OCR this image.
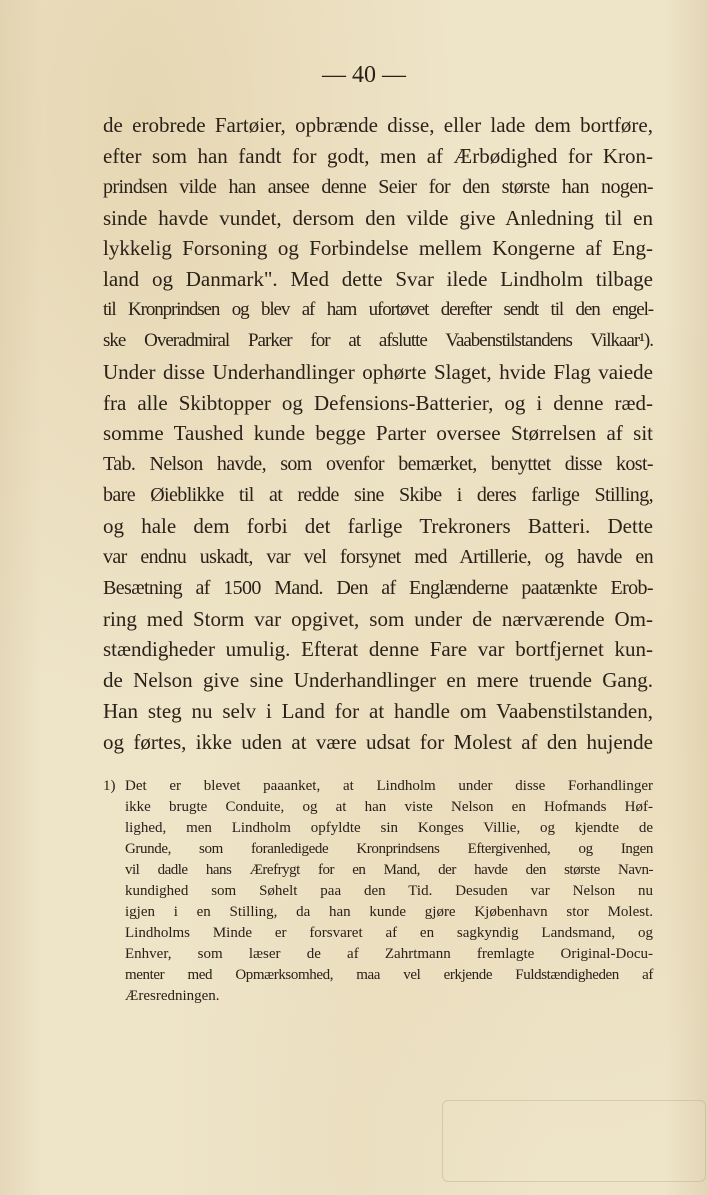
— 40 —
de erobrede Fartøier, opbrænde disse, eller lade dem bortføre,
efter som han fandt for godt, men af Ærbødighed for Kron-
prindsen vilde han ansee denne Seier for den største han nogen-
sinde havde vundet, dersom den vilde give Anledning til en
lykkelig Forsoning og Forbindelse mellem Kongerne af Eng-
land og Danmark". Med dette Svar ilede Lindholm tilbage
til Kronprindsen og blev af ham ufortøvet derefter sendt til den engel-
ske Overadmiral Parker for at afslutte Vaabenstilstandens Vilkaar¹).
Under disse Underhandlinger ophørte Slaget, hvide Flag vaiede
fra alle Skibtopper og Defensions-Batterier, og i denne ræd-
somme Taushed kunde begge Parter oversee Størrelsen af sit
Tab. Nelson havde, som ovenfor bemærket, benyttet disse kost-
bare Øieblikke til at redde sine Skibe i deres farlige Stilling,
og hale dem forbi det farlige Trekroners Batteri. Dette
var endnu uskadt, var vel forsynet med Artillerie, og havde en
Besætning af 1500 Mand. Den af Englænderne paatænkte Erob-
ring med Storm var opgivet, som under de nærværende Om-
stændigheder umulig. Efterat denne Fare var bortfjernet kun-
de Nelson give sine Underhandlinger en mere truende Gang.
Han steg nu selv i Land for at handle om Vaabenstilstanden,
og førtes, ikke uden at være udsat for Molest af den hujende
1) Det er blevet paaanket, at Lindholm under disse Forhandlinger
ikke brugte Conduite, og at han viste Nelson en Hofmands Høf-
lighed, men Lindholm opfyldte sin Konges Villie, og kjendte de
Grunde, som foranledigede Kronprindsens Eftergivenhed, og Ingen
vil dadle hans Ærefrygt for en Mand, der havde den største Navn-
kundighed som Søhelt paa den Tid. Desuden var Nelson nu
igjen i en Stilling, da han kunde gjøre Kjøbenhavn stor Molest.
Lindholms Minde er forsvaret af en sagkyndig Landsmand, og
Enhver, som læser de af Zahrtmann fremlagte Original-Docu-
menter med Opmærksomhed, maa vel erkjende Fuldstændigheden af
Æresredningen.
